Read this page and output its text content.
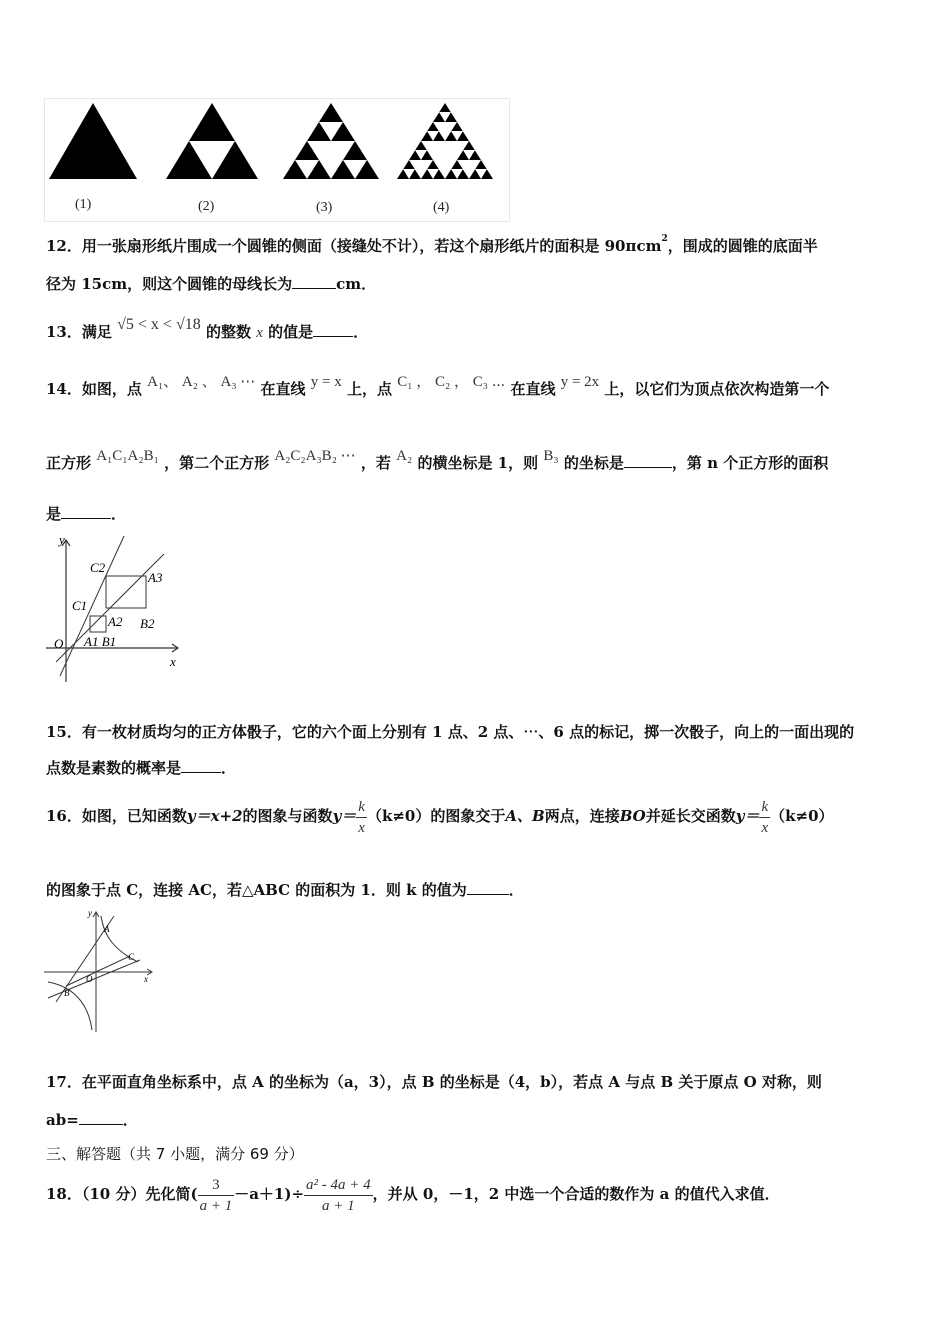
(1)	(2)	(3)	(4)
12．用一张扇形纸片围成一个圆锥的侧面（接缝处不计），若这个扇形纸片的面积是 90πcm$^2$，围成的圆锥的底面半
径为 15cm，则这个圆锥的母线长为	cm．
13．满足 √5 < x < √18 的整数 x 的值是	．
14．如图，点 A₁、 A₂ 、 A₃ ⋯ 在直线 y = x 上，点 C₁ ， C₂ ， C₃ ⋯ 在直线 y = 2x 上，以它们为顶点依次构造第一个
正方形 A₁C₁A₂B₁ ，第二个正方形 A₂C₂A₃B₂ ⋯ ，若 A₂ 的横坐标是 1，则 B₃ 的坐标是	，第 n 个正方形的面积
是	．
y
x
O
C2
A3
C1
A2 B2
A1 B1
15．有一枚材质均匀的正方体骰子，它的六个面上分别有 1 点、2 点、⋯、6 点的标记，掷一次骰子，向上的一面出现的
点数是素数的概率是	．
16．如图，已知函数y＝x+2的图象与函数$y= \frac{k}{x} (k\ne 0)$的图象交于A、B两点，连接BO并延长交函数$y= \frac{k}{x} (k\ne 0)$
的图象于点 C，连接 AC，若△ABC 的面积为 1．则 k 的值为	．
y
x
O
A
B
C
17．在平面直角坐标系中，点 A 的坐标为（a，3），点 B 的坐标是（4，b），若点 A 与点 B 关于原点 O 对称，则
ab=	．
三、解答题（共 7 小题，满分 69 分）
18．（10 分）先化简( $\frac{3}{a + 1} -a+1)\div \frac{\text{a² - 4a + 4}}{a + 1}$ ，并从 0，－1，2 中选一个合适的数作为 a 的值代入求值．
